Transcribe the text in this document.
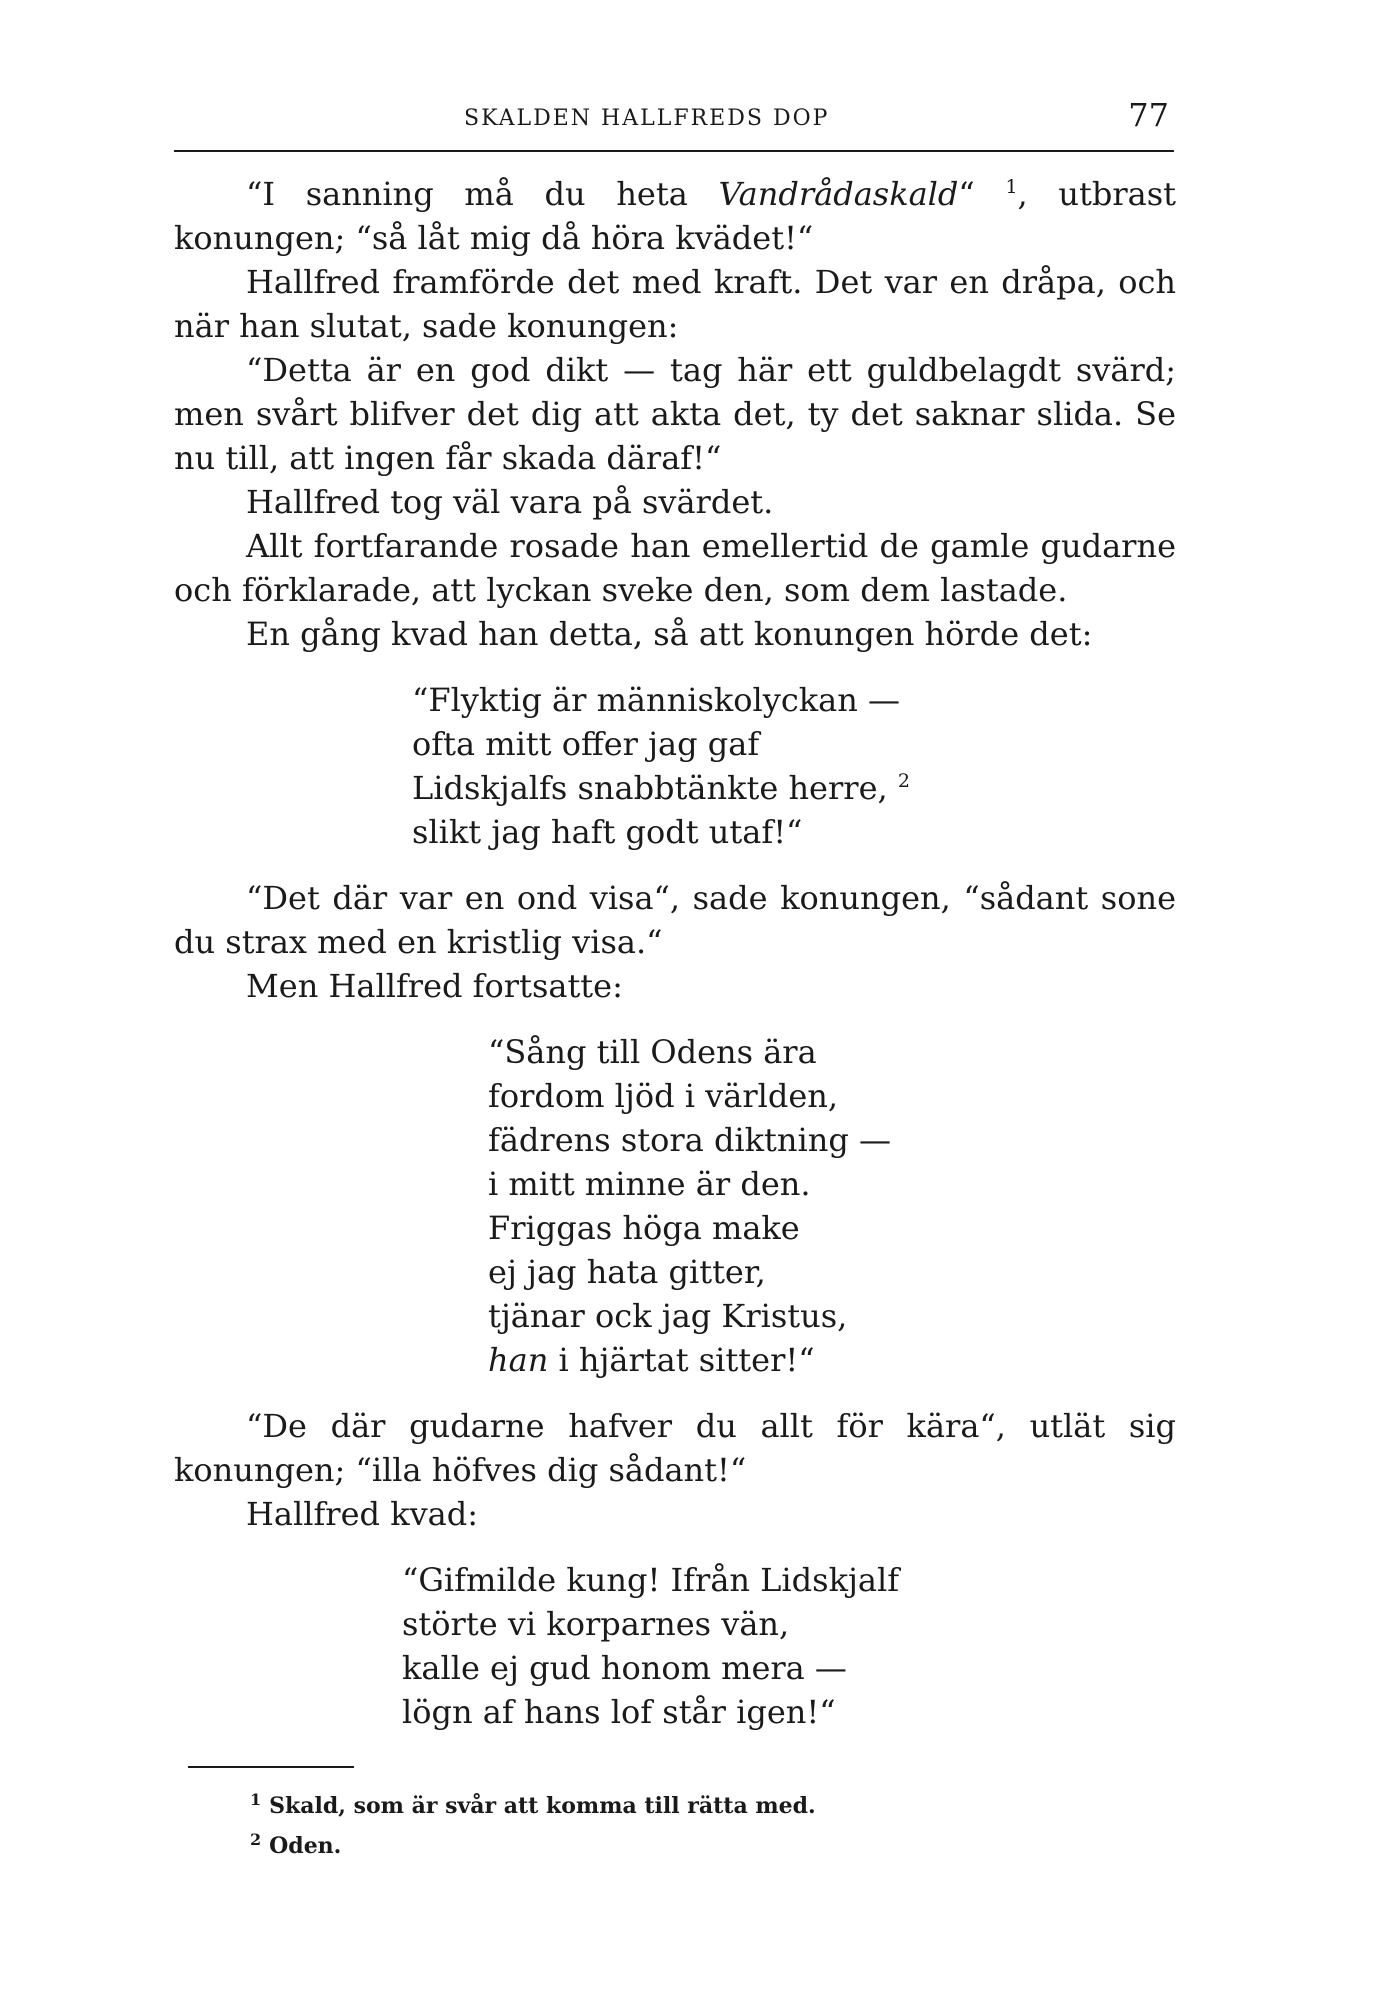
SKALDEN HALLFREDS DOP	77

“I sanning må du heta Vandrådaskald“ $^1$, utbrast konungen; “så låt mig då höra kvädet!“

Hallfred framförde det med kraft. Det var en dråpa, och när han slutat, sade konungen:

“Detta är en god dikt — tag här ett guldbelagdt svärd; men svårt blifver det dig att akta det, ty det saknar slida. Se nu till, att ingen får skada däraf!“

Hallfred tog väl vara på svärdet.

Allt fortfarande rosade han emellertid de gamle gudarne och förklarade, att lyckan sveke den, som dem lastade.

En gång kvad han detta, så att konungen hörde det:

“Flyktig är människolyckan —
ofta mitt offer jag gaf
Lidskjalfs snabbtänkte herre, $^2$
slikt jag haft godt utaf!“

“Det där var en ond visa“, sade konungen, “sådant sone du strax med en kristlig visa.“

Men Hallfred fortsatte:

“Sång till Odens ära
fordom ljöd i världen,
fädrens stora diktning —
i mitt minne är den.
Friggas höga make
ej jag hata gitter,
tjänar ock jag Kristus,
han i hjärtat sitter!“

“De där gudarne hafver du allt för kära“, utlät sig konungen; “illa höfves dig sådant!“

Hallfred kvad:

“Gifmilde kung! Ifrån Lidskjalf
störte vi korparnes vän,
kalle ej gud honom mera —
lögn af hans lof står igen!“
$^1$ Skald, som är svår att komma till rätta med.
$^2$ Oden.
